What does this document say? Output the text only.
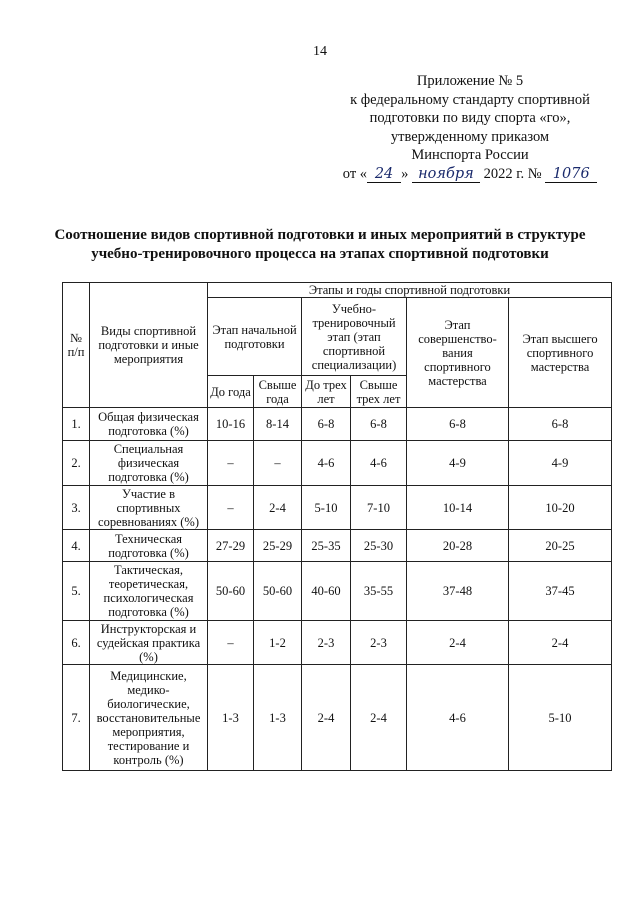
14
Приложение № 5
к федеральному стандарту спортивной
подготовки по виду спорта «го»,
утвержденному приказом
Минспорта России
от « 24 » ноября 2022 г. № 1076
Соотношение видов спортивной подготовки и иных мероприятий в структуре
учебно-тренировочного процесса на этапах спортивной подготовки
№ п/п	Виды спортивной подготовки и иные мероприятия	Этапы и годы спортивной подготовки					
		Этап начальной подготовки		Учебно-тренировочный этап (этап спортивной специализации)		Этап совершенство-вания спортивного мастерства	Этап высшего спортивного мастерства
		До года	Свыше года	До трех лет	Свыше трех лет		
1.	Общая физическая подготовка (%)	10-16	8-14	6-8	6-8	6-8	6-8
2.	Специальная физическая подготовка (%)	–	–	4-6	4-6	4-9	4-9
3.	Участие в спортивных соревнованиях (%)	–	2-4	5-10	7-10	10-14	10-20
4.	Техническая подготовка (%)	27-29	25-29	25-35	25-30	20-28	20-25
5.	Тактическая, теоретическая, психологическая подготовка (%)	50-60	50-60	40-60	35-55	37-48	37-45
6.	Инструкторская и судейская практика (%)	–	1-2	2-3	2-3	2-4	2-4
7.	Медицинские, медико-биологические, восстановительные мероприятия, тестирование и контроль (%)	1-3	1-3	2-4	2-4	4-6	5-10
